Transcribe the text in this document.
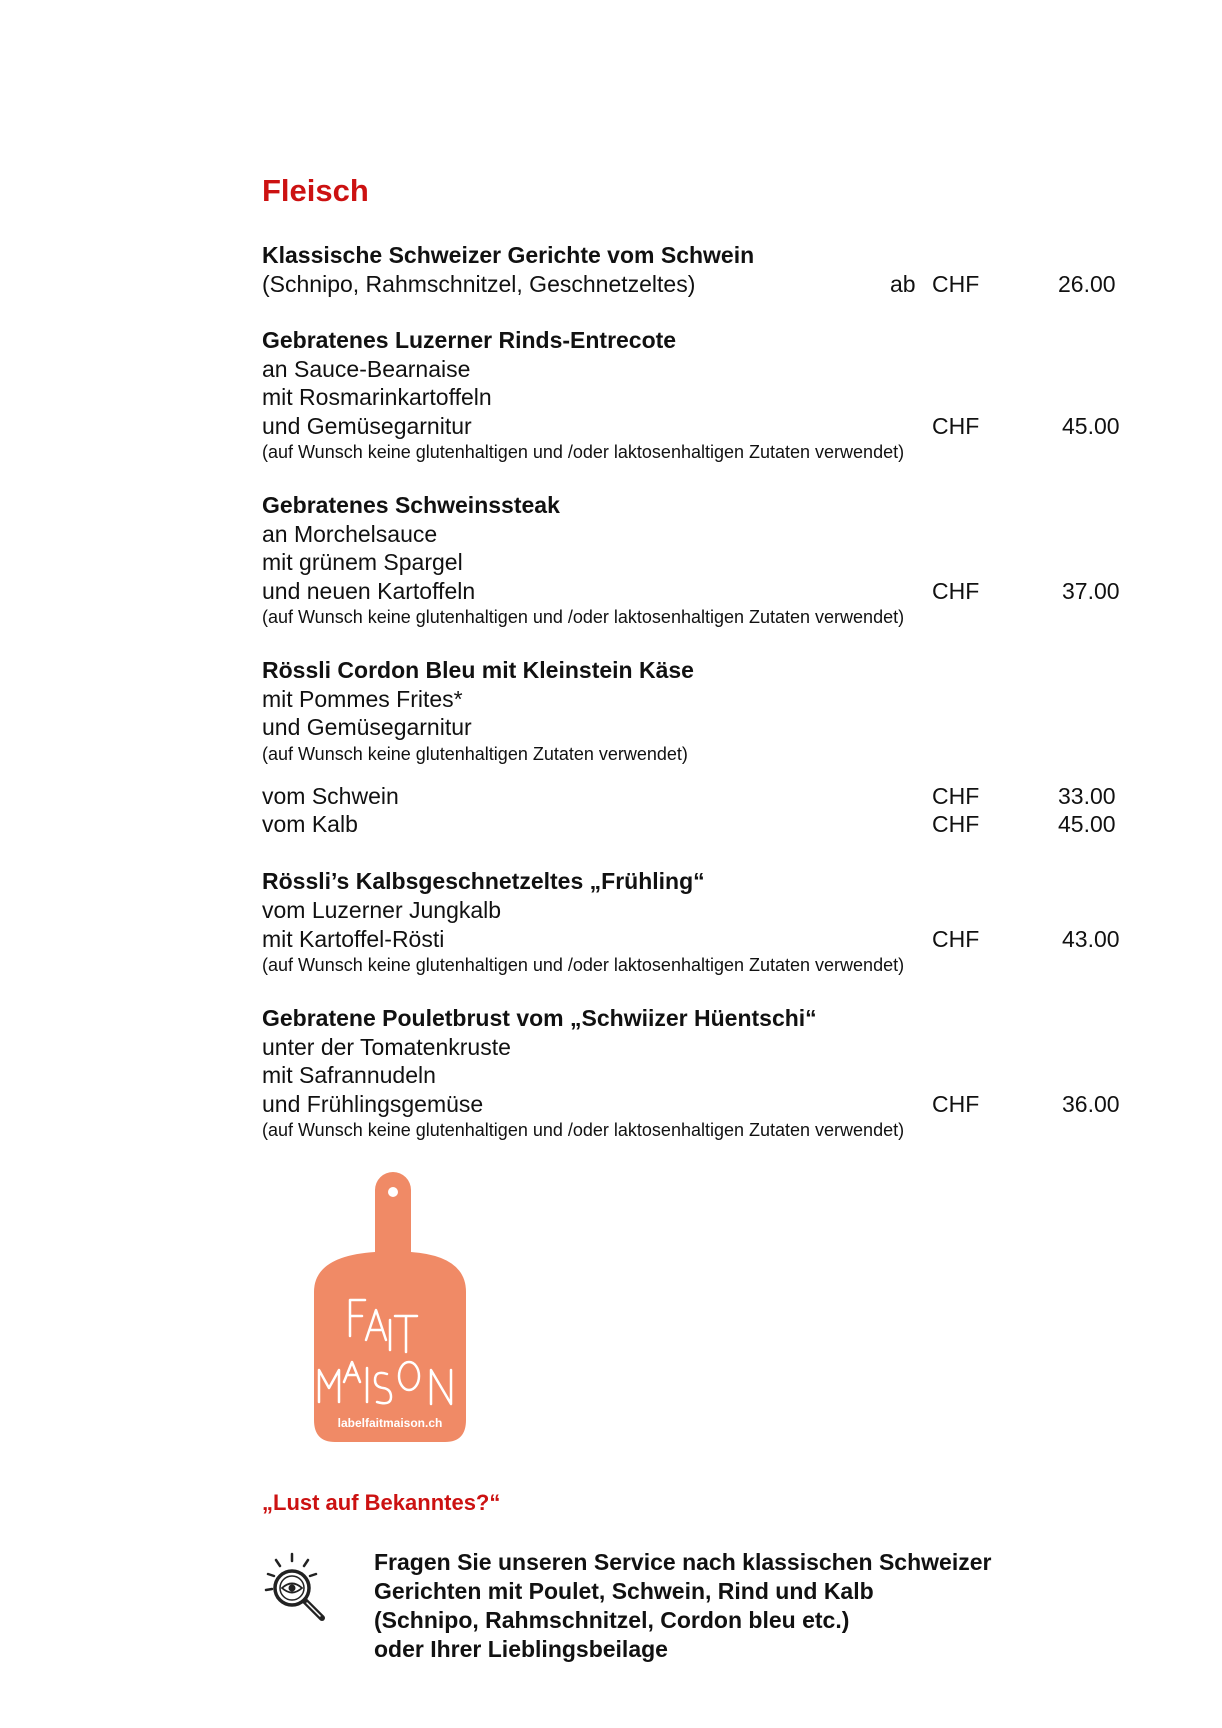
Fleisch
Klassische Schweizer Gerichte vom Schwein
(Schnipo, Rahmschnitzel, Geschnetzeltes)	ab CHF	26.00
Gebratenes Luzerner Rinds-Entrecote
an Sauce-Bearnaise
mit Rosmarinkartoffeln
und Gemüsegarnitur	CHF	45.00
(auf Wunsch keine glutenhaltigen und /oder laktosenhaltigen Zutaten verwendet)
Gebratenes Schweinssteak
an Morchelsauce
mit grünem Spargel
und neuen Kartoffeln	CHF	37.00
(auf Wunsch keine glutenhaltigen und /oder laktosenhaltigen Zutaten verwendet)
Rössli Cordon Bleu mit Kleinstein Käse
mit Pommes Frites*
und Gemüsegarnitur
(auf Wunsch keine glutenhaltigen Zutaten verwendet)
vom Schwein	CHF	33.00
vom Kalb	CHF	45.00
Rössli’s Kalbsgeschnetzeltes „Frühling“
vom Luzerner Jungkalb
mit Kartoffel-Rösti	CHF	43.00
(auf Wunsch keine glutenhaltigen und /oder laktosenhaltigen Zutaten verwendet)
Gebratene Pouletbrust vom „Schwiizer Hüentschi“
unter der Tomatenkruste
mit Safrannudeln
und Frühlingsgemüse	CHF	36.00
(auf Wunsch keine glutenhaltigen und /oder laktosenhaltigen Zutaten verwendet)
labelfaitmaison.ch
„Lust auf Bekanntes?“
Fragen Sie unseren Service nach klassischen Schweizer
Gerichten mit Poulet, Schwein, Rind und Kalb
(Schnipo, Rahmschnitzel, Cordon bleu etc.)
oder Ihrer Lieblingsbeilage
